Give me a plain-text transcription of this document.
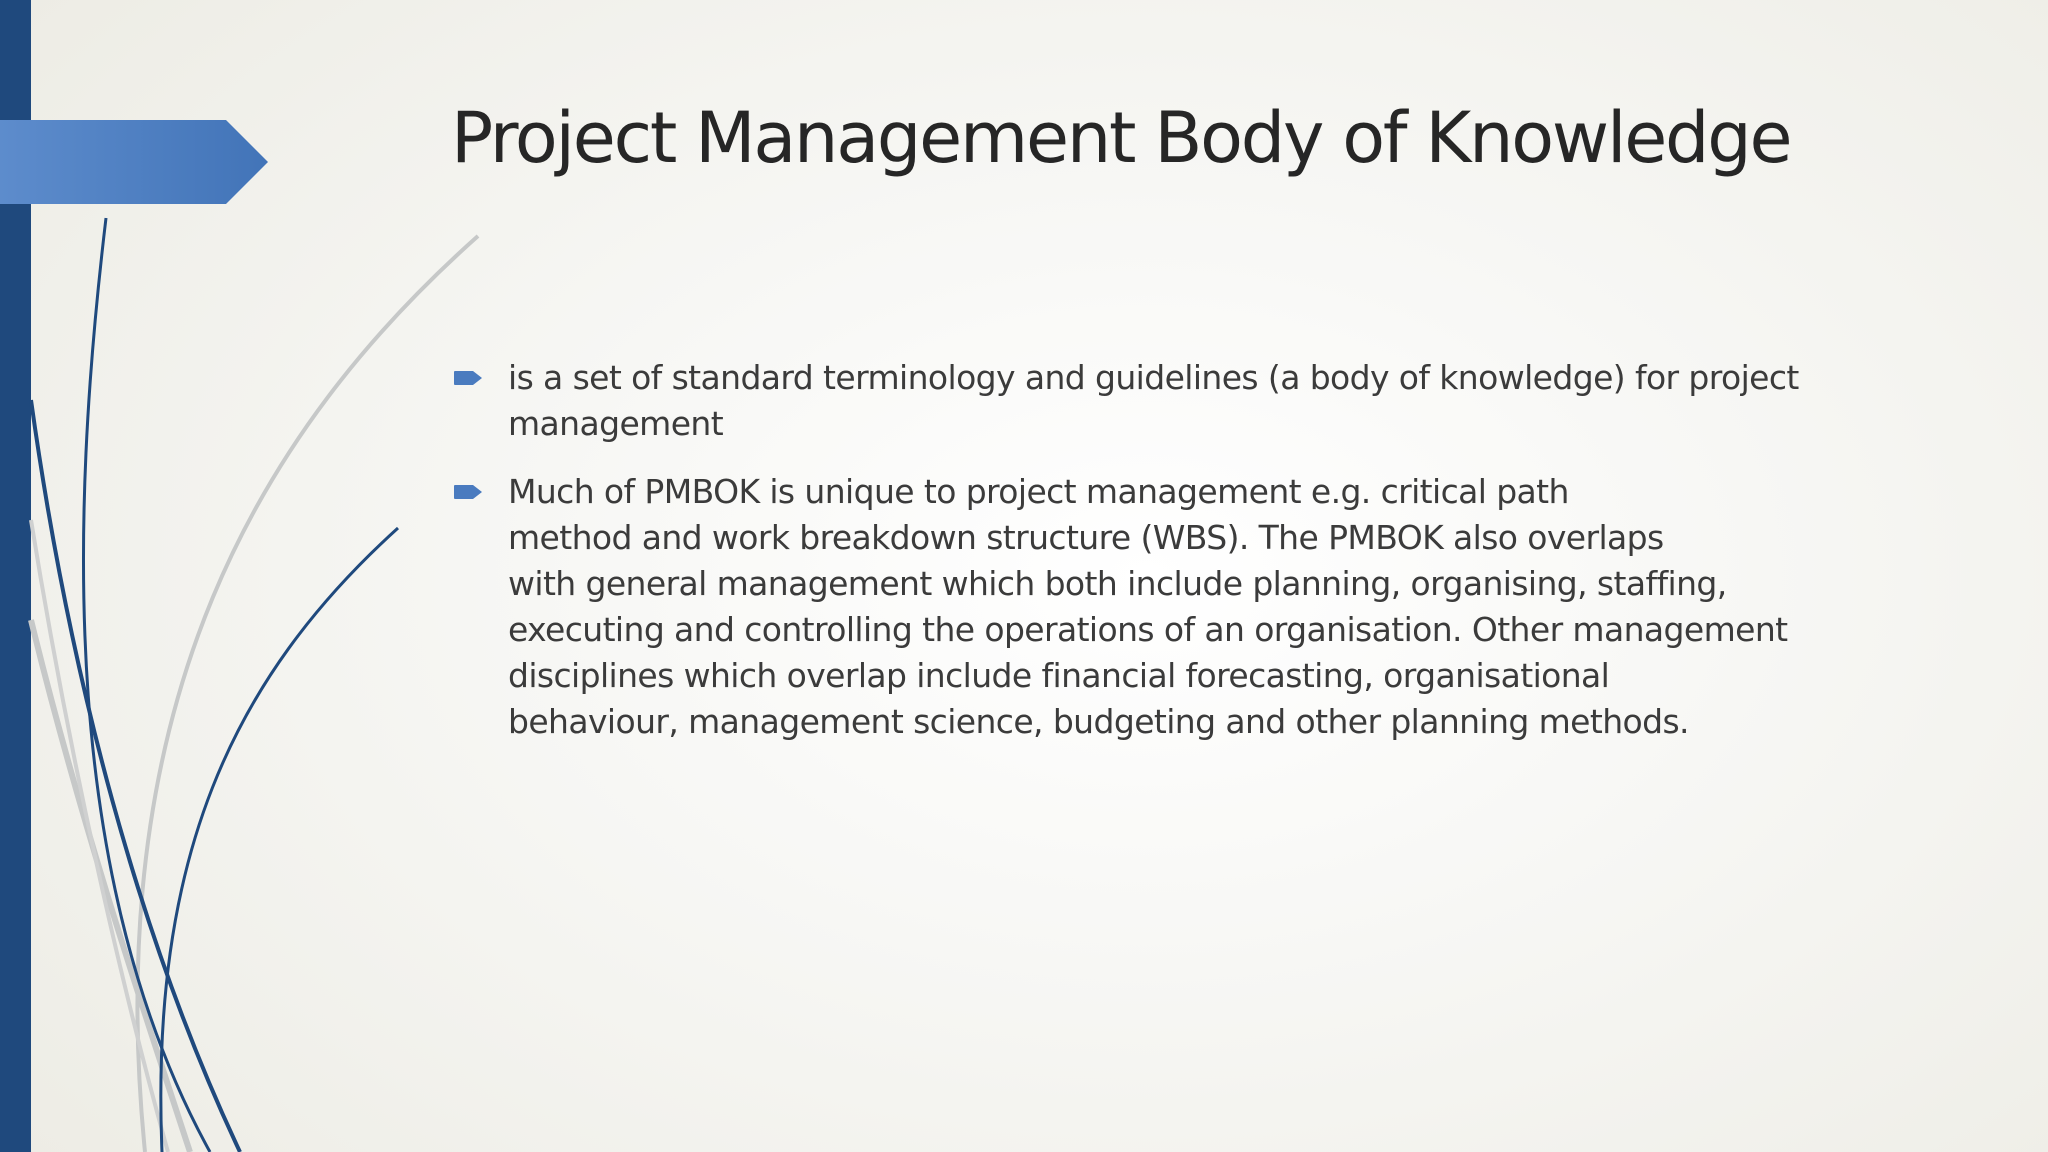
Project Management Body of Knowledge
is a set of standard terminology and guidelines (a body of knowledge) for project
management
Much of PMBOK is unique to project management e.g. critical path
method and work breakdown structure (WBS). The PMBOK also overlaps
with general management which both include planning, organising, staffing,
executing and controlling the operations of an organisation. Other management
disciplines which overlap include financial forecasting, organisational
behaviour, management science, budgeting and other planning methods.
